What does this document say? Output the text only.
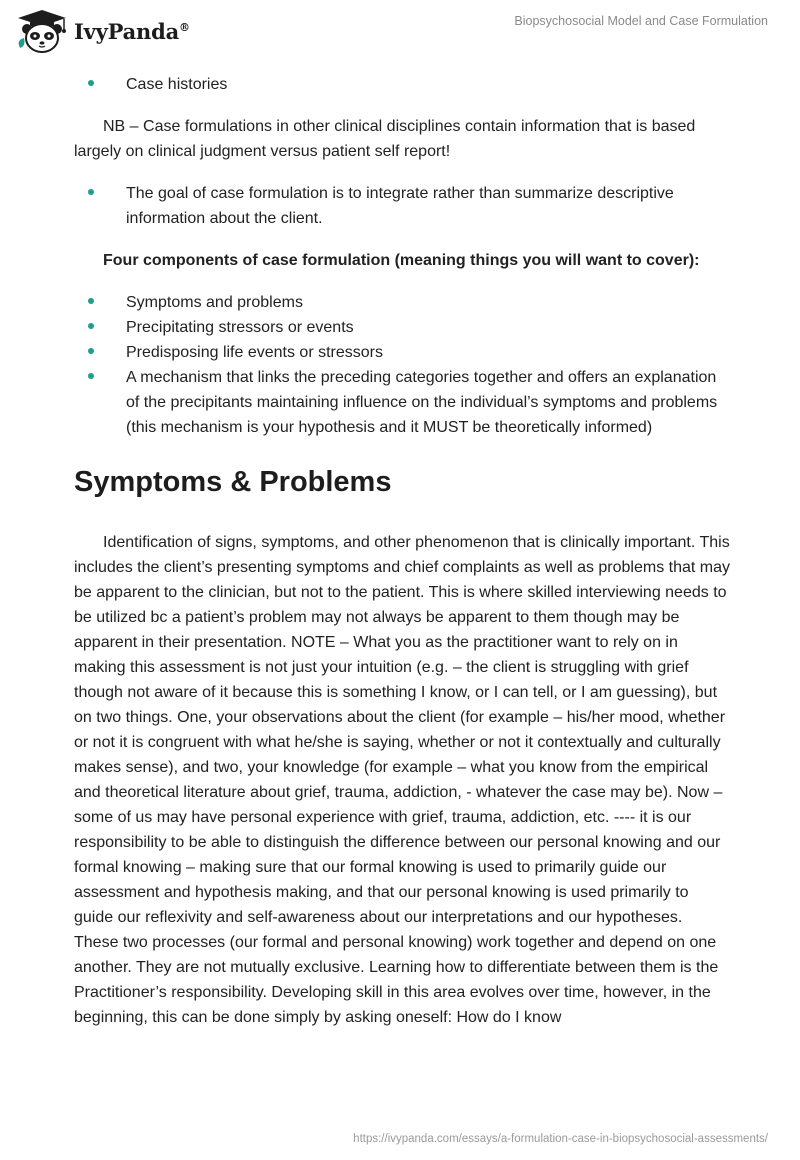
IvyPanda®	Biopsychosocial Model and Case Formulation
Case histories

NB – Case formulations in other clinical disciplines contain information that is based largely on clinical judgment versus patient self report!

The goal of case formulation is to integrate rather than summarize descriptive information about the client.

Four components of case formulation (meaning things you will want to cover):

Symptoms and problems
Precipitating stressors or events
Predisposing life events or stressors
A mechanism that links the preceding categories together and offers an explanation of the precipitants maintaining influence on the individual’s symptoms and problems (this mechanism is your hypothesis and it MUST be theoretically informed)
Symptoms & Problems

Identification of signs, symptoms, and other phenomenon that is clinically important. This includes the client’s presenting symptoms and chief complaints as well as problems that may be apparent to the clinician, but not to the patient. This is where skilled interviewing needs to be utilized bc a patient’s problem may not always be apparent to them though may be apparent in their presentation. NOTE – What you as the practitioner want to rely on in making this assessment is not just your intuition (e.g. – the client is struggling with grief though not aware of it because this is something I know, or I can tell, or I am guessing), but on two things. One, your observations about the client (for example – his/her mood, whether or not it is congruent with what he/she is saying, whether or not it contextually and culturally makes sense), and two, your knowledge (for example – what you know from the empirical and theoretical literature about grief, trauma, addiction, - whatever the case may be). Now – some of us may have personal experience with grief, trauma, addiction, etc. ---- it is our responsibility to be able to distinguish the difference between our personal knowing and our formal knowing – making sure that our formal knowing is used to primarily guide our assessment and hypothesis making, and that our personal knowing is used primarily to guide our reflexivity and self-awareness about our interpretations and our hypotheses. These two processes (our formal and personal knowing) work together and depend on one another. They are not mutually exclusive. Learning how to differentiate between them is the Practitioner’s responsibility. Developing skill in this area evolves over time, however, in the beginning, this can be done simply by asking oneself: How do I know

https://ivypanda.com/essays/a-formulation-case-in-biopsychosocial-assessments/
